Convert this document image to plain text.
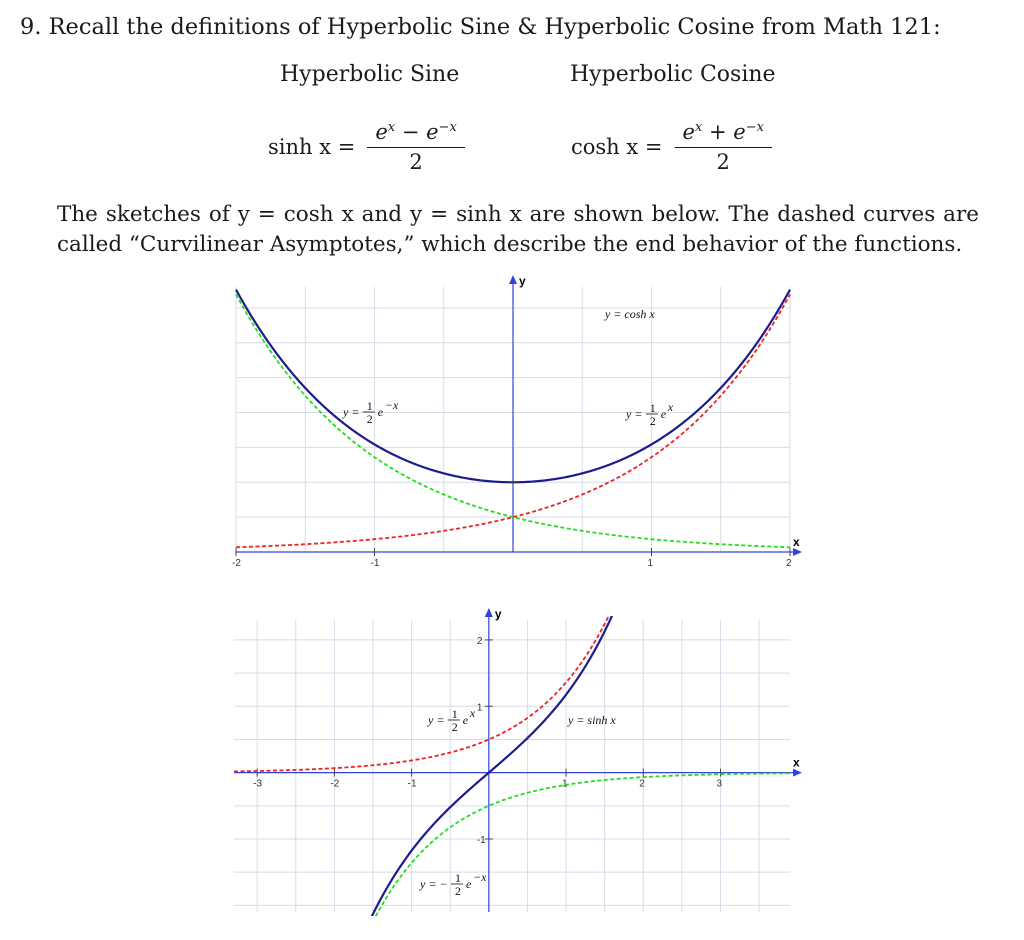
9. Recall the definitions of Hyperbolic Sine & Hyperbolic Cosine from Math 121:
Hyperbolic Sine	Hyperbolic Cosine
$\sinh x = \frac{e^𝑥 - e^{-𝑥}}{2}$	$\cosh x = \frac{e^𝑥 + e^{-𝑥}}{2}$
The sketches of y = cosh x and y = sinh x are shown below. The dashed curves are
called “Curvilinear Asymptotes,” which describe the end behavior of the functions.
x
y
-2	-1	1	2
y = cosh x
y = 1
2 e x
y = 1
2 e −x
x
y
-3	-2	-1	1	2	3
2
1
-1
y = sinh x
y = 1
2 e x
y = − 1
2 e −x
